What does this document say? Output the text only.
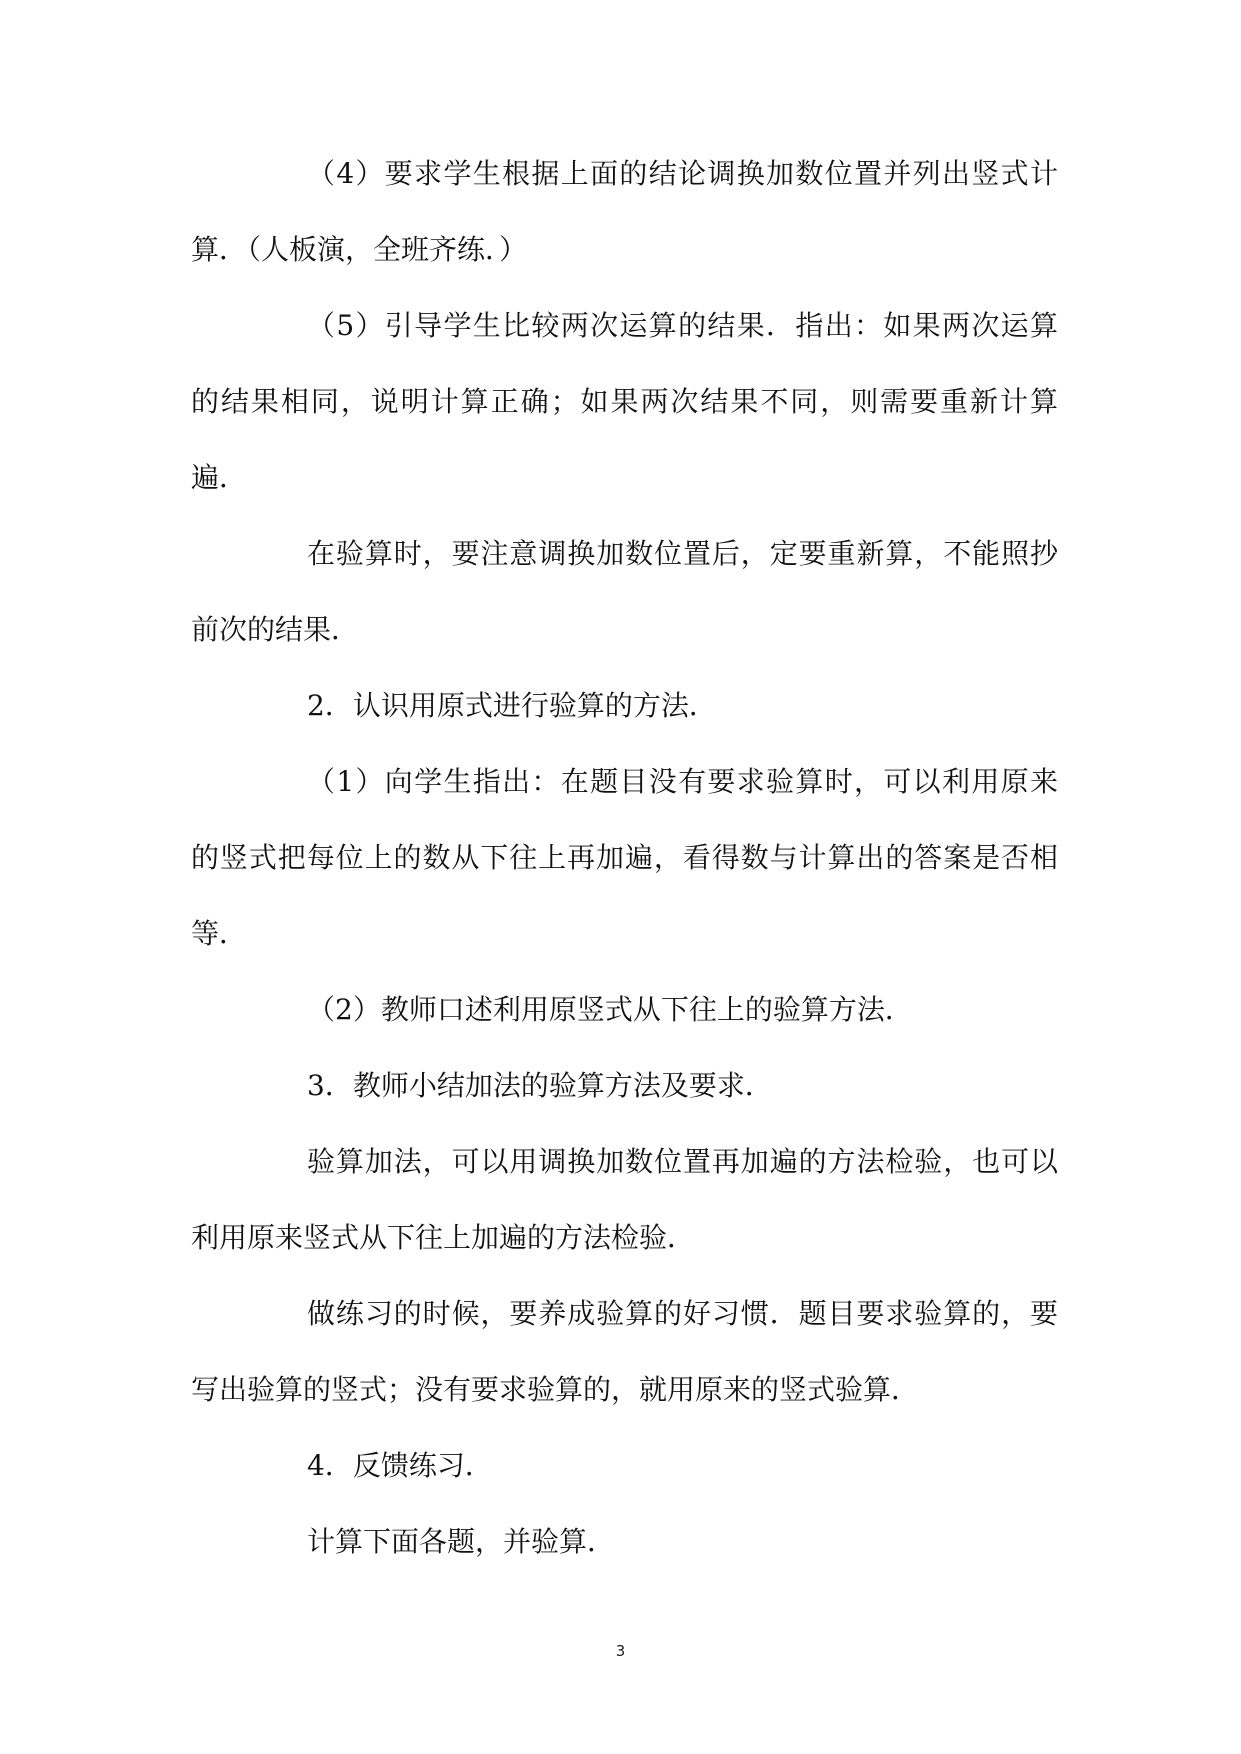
（4）要求学生根据上面的结论调换加数位置并列出竖式计
算．（人板演，全班齐练．）
（5）引导学生比较两次运算的结果．指出：如果两次运算
的结果相同，说明计算正确；如果两次结果不同，则需要重新计算
遍．
在验算时，要注意调换加数位置后，定要重新算，不能照抄
前次的结果．
2．认识用原式进行验算的方法．
（1）向学生指出：在题目没有要求验算时，可以利用原来
的竖式把每位上的数从下往上再加遍，看得数与计算出的答案是否相
等．
（2）教师口述利用原竖式从下往上的验算方法．
3．教师小结加法的验算方法及要求．
验算加法，可以用调换加数位置再加遍的方法检验，也可以
利用原来竖式从下往上加遍的方法检验．
做练习的时候，要养成验算的好习惯．题目要求验算的，要
写出验算的竖式；没有要求验算的，就用原来的竖式验算．
4．反馈练习．
计算下面各题，并验算．
3
